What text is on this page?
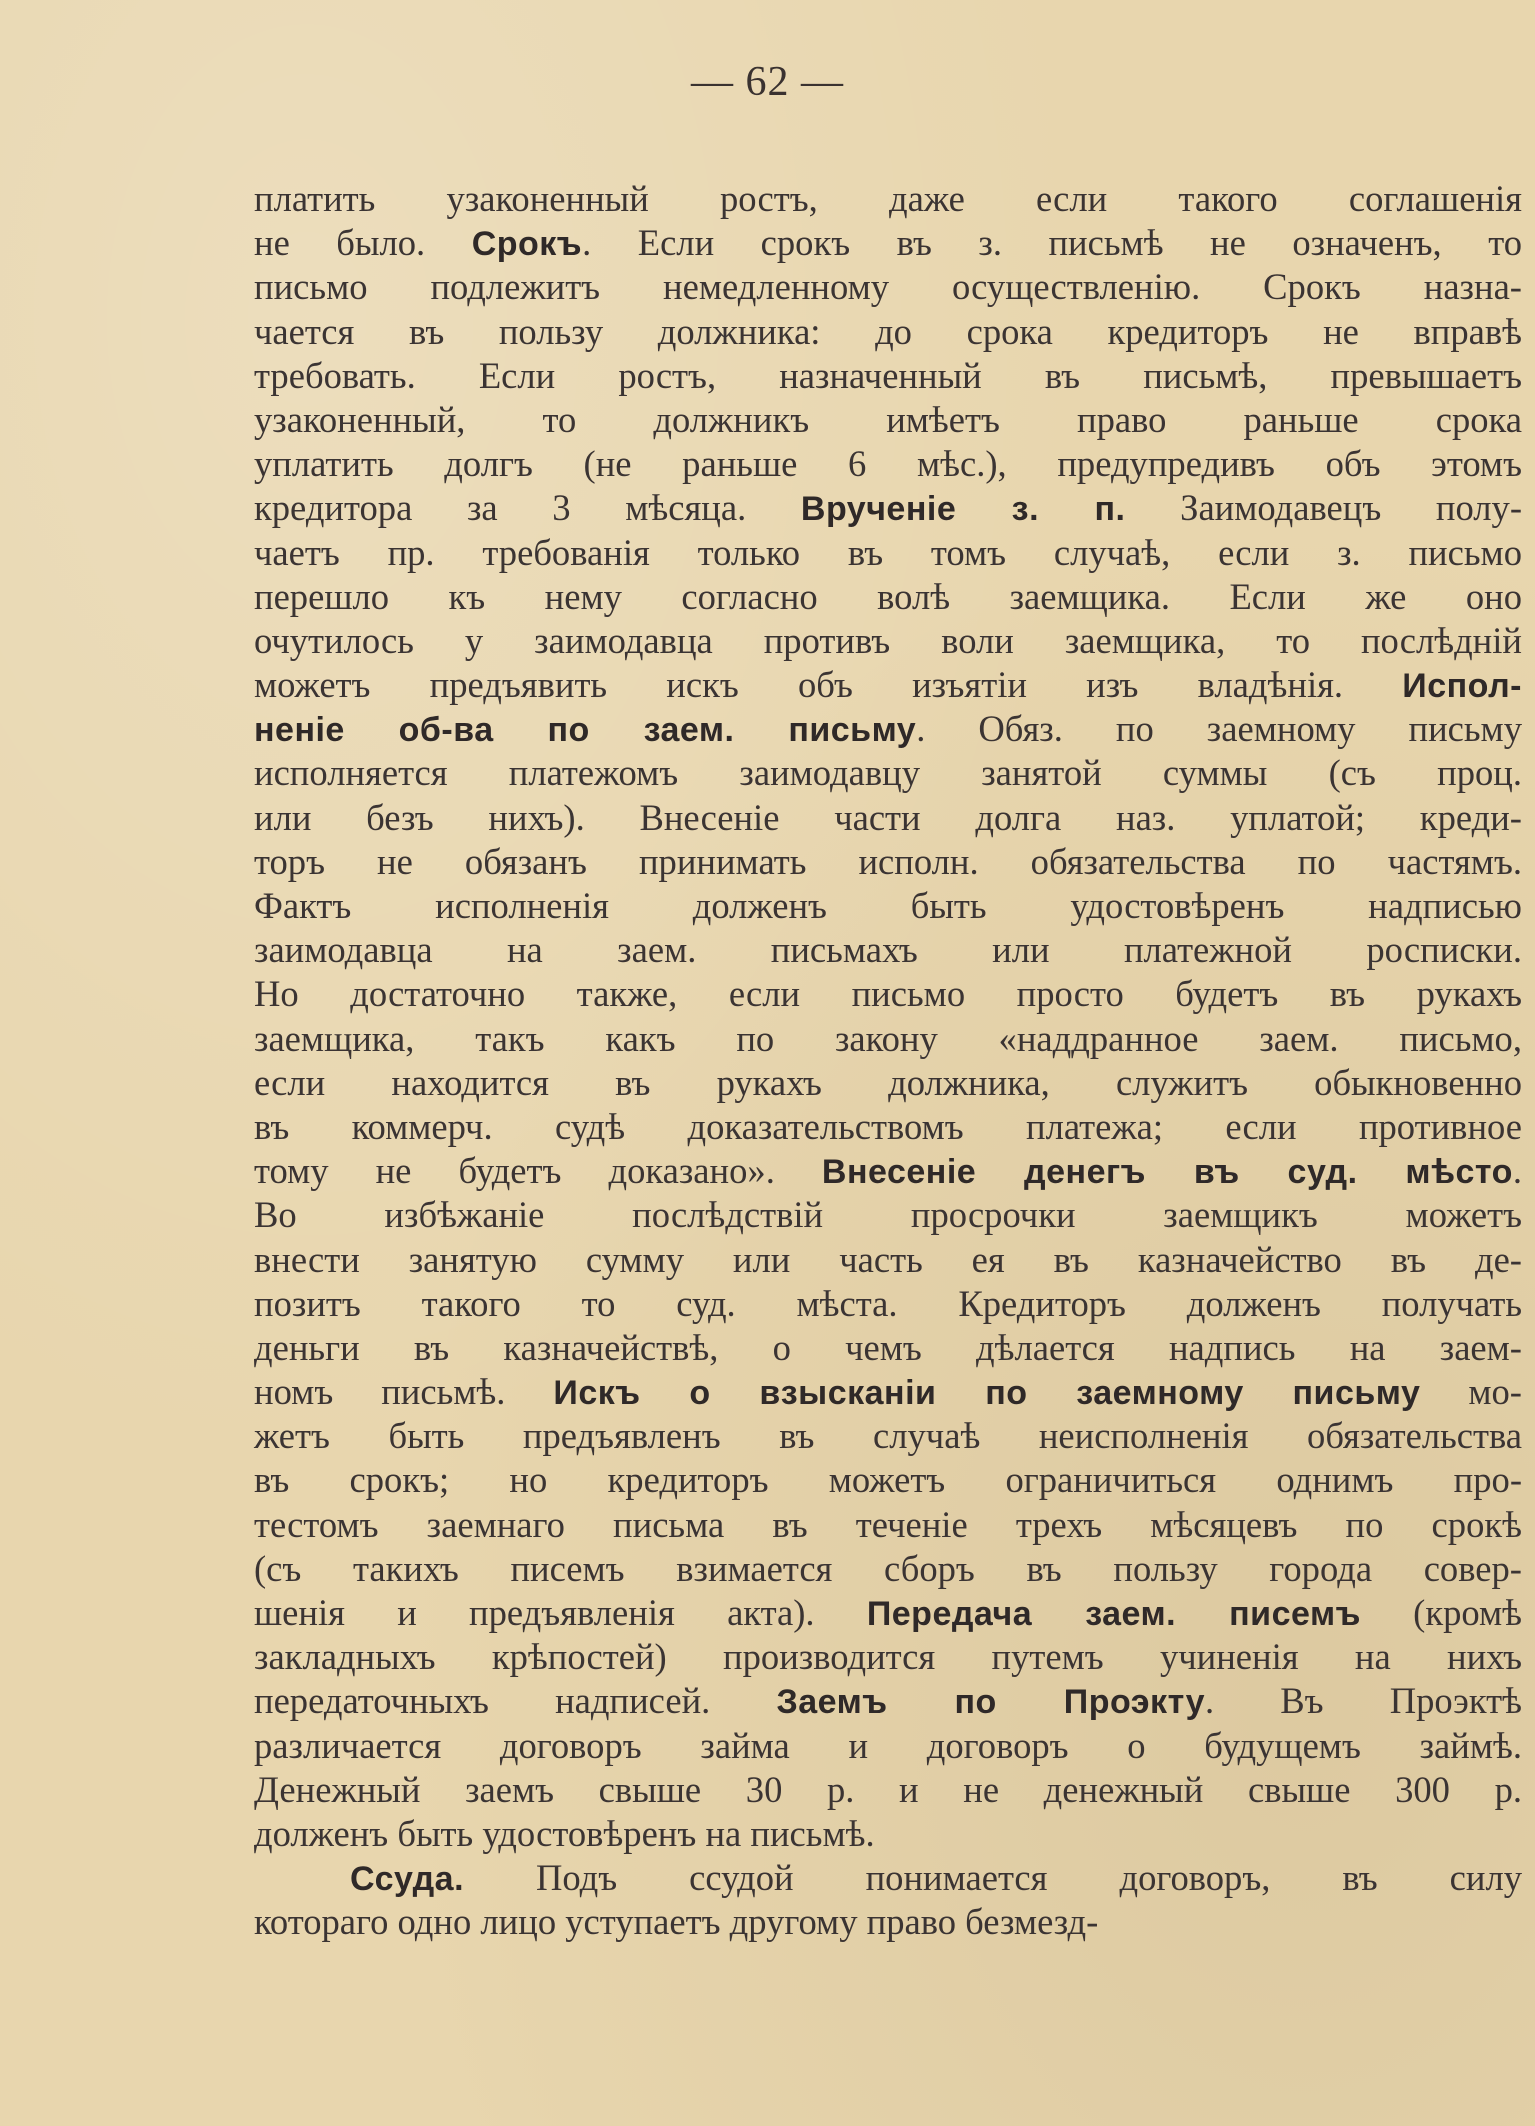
— 62 —
платить узаконенный ростъ, даже если такого соглашенія
не было. Срокъ. Если срокъ въ з. письмѣ не означенъ, то
письмо подлежитъ немедленному осуществленію. Срокъ назна-
чается въ пользу должника: до срока кредиторъ не вправѣ
требовать. Если ростъ, назначенный въ письмѣ, превышаетъ
узаконенный, то должникъ имѣетъ право раньше срока
уплатить долгъ (не раньше 6 мѣс.), предупредивъ объ этомъ
кредитора за 3 мѣсяца. Врученіе з. п. Заимодавецъ полу-
чаетъ пр. требованія только въ томъ случаѣ, если з. письмо
перешло къ нему согласно волѣ заемщика. Если же оно
очутилось у заимодавца противъ воли заемщика, то послѣдній
можетъ предъявить искъ объ изъятіи изъ владѣнія. Испол-
неніе об-ва по заем. письму. Обяз. по заемному письму
исполняется платежомъ заимодавцу занятой суммы (съ проц.
или безъ нихъ). Внесеніе части долга наз. уплатой; креди-
торъ не обязанъ принимать исполн. обязательства по частямъ.
Фактъ исполненія долженъ быть удостовѣренъ надписью
заимодавца на заем. письмахъ или платежной росписки.
Но достаточно также, если письмо просто будетъ въ рукахъ
заемщика, такъ какъ по закону «наддранное заем. письмо,
если находится въ рукахъ должника, служитъ обыкновенно
въ коммерч. судѣ доказательствомъ платежа; если противное
тому не будетъ доказано». Внесеніе денегъ въ суд. мѣсто.
Во избѣжаніе послѣдствій просрочки заемщикъ можетъ
внести занятую сумму или часть ея въ казначейство въ де-
позитъ такого то суд. мѣста. Кредиторъ долженъ получать
деньги въ казначействѣ, о чемъ дѣлается надпись на заем-
номъ письмѣ. Искъ о взысканіи по заемному письму мо-
жетъ быть предъявленъ въ случаѣ неисполненія обязательства
въ срокъ; но кредиторъ можетъ ограничиться однимъ про-
тестомъ заемнаго письма въ теченіе трехъ мѣсяцевъ по срокѣ
(съ такихъ писемъ взимается сборъ въ пользу города совер-
шенія и предъявленія акта). Передача заем. писемъ (кромѣ
закладныхъ крѣпостей) производится путемъ учиненія на нихъ
передаточныхъ надписей. Заемъ по Проэкту. Въ Проэктѣ
различается договоръ займа и договоръ о будущемъ займѣ.
Денежный заемъ свыше 30 р. и не денежный свыше 300 р.
долженъ быть удостовѣренъ на письмѣ.
Ссуда. Подъ ссудой понимается договоръ, въ силу
котораго одно лицо уступаетъ другому право безмезд-
